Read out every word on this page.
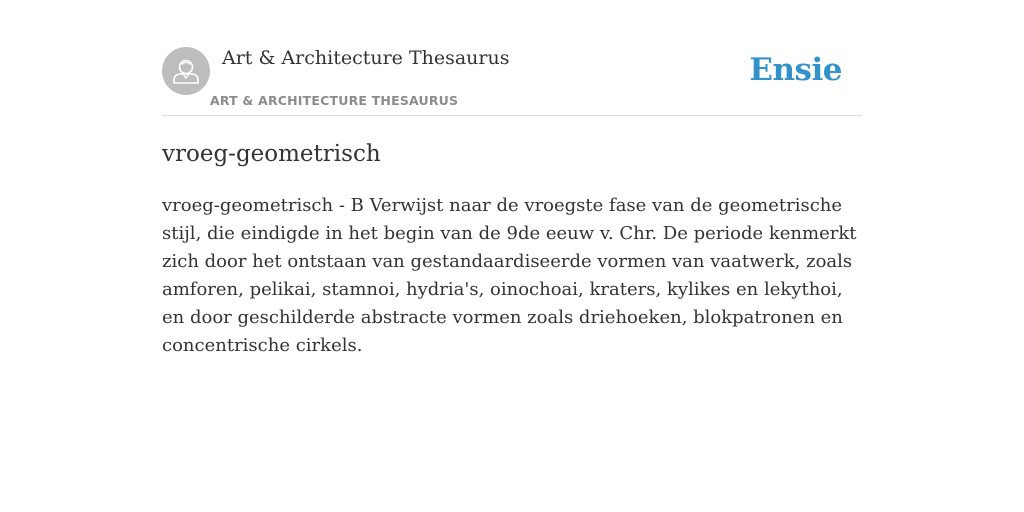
Art & Architecture Thesaurus
ART & ARCHITECTURE THESAURUS
Ensie
vroeg-geometrisch

vroeg-geometrisch - B Verwijst naar de vroegste fase van de geometrische stijl, die eindigde in het begin van de 9de eeuw v. Chr. De periode kenmerkt zich door het ontstaan van gestandaardiseerde vormen van vaatwerk, zoals amforen, pelikai, stamnoi, hydria's, oinochoai, kraters, kylikes en lekythoi, en door geschilderde abstracte vormen zoals driehoeken, blokpatronen en concentrische cirkels.
